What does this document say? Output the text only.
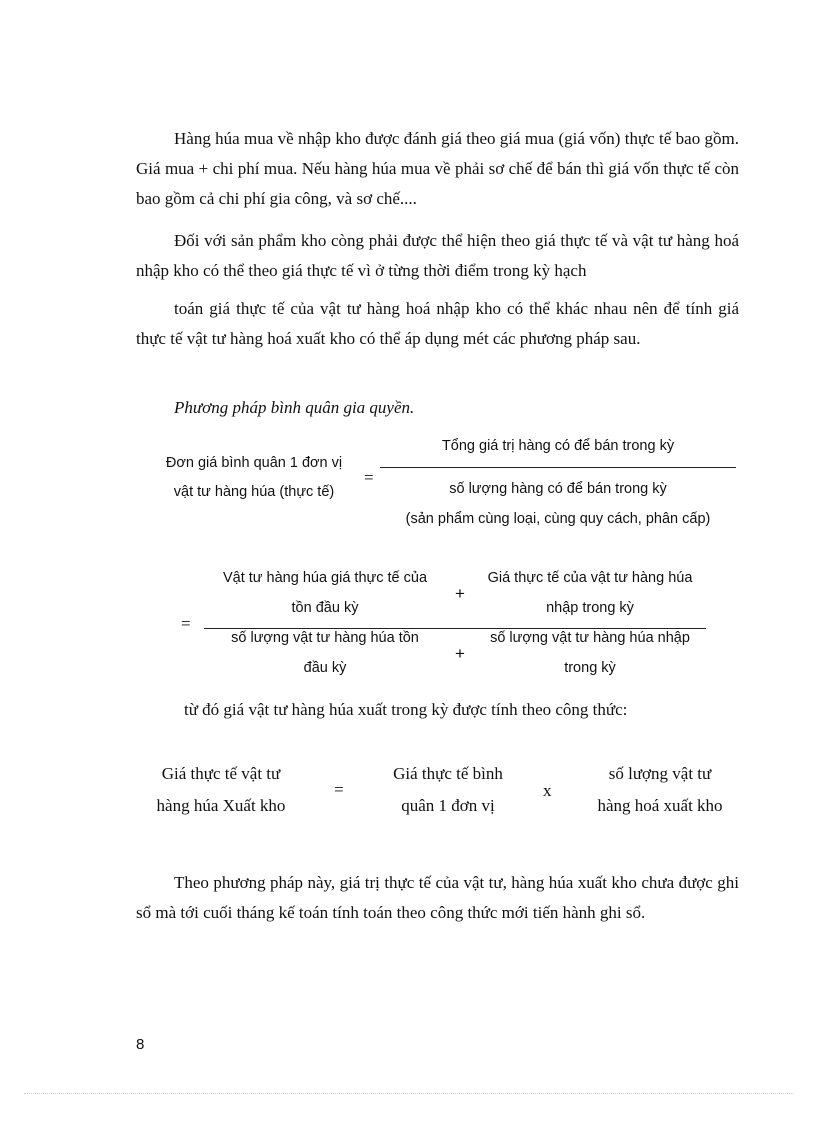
Hàng húa mua về nhập kho được đánh giá theo giá mua (giá vốn) thực tế bao gồm. Giá mua + chi phí mua. Nếu hàng húa mua về phải sơ chế để bán thì giá vốn thực tế còn bao gồm cả chi phí gia công, và sơ chế....

Đối với sản phẩm kho còng phải được thể hiện theo giá thực tế và vật tư hàng hoá nhập kho có thể theo giá thực tế vì ở từng thời điểm trong kỳ hạch

toán giá thực tế của vật tư hàng hoá nhập kho có thể khác nhau nên để tính giá thực tế vật tư hàng hoá xuất kho có thể áp dụng mét các phương pháp sau.

Phương pháp bình quân gia quyền.
Đơn giá bình quân 1 đơn vị
vật tư hàng húa (thực tế)
=
Tổng giá trị hàng có để bán trong kỳ
số lượng hàng có để bán trong kỳ
(sản phẩm cùng loại, cùng quy cách, phân cấp)
=
Vật tư hàng húa giá thực tế của
tồn đầu kỳ
+
Giá thực tế của vật tư hàng húa
nhập trong kỳ
số lượng vật tư hàng húa tồn
đầu kỳ
+
số lượng vật tư hàng húa nhập
trong kỳ
từ đó giá vật tư hàng húa xuất trong kỳ được tính theo công thức:
Giá thực tế vật tư
hàng húa Xuất kho
=
Giá thực tế bình
quân 1 đơn vị
x
số lượng vật tư
hàng hoá xuất kho

Theo phương pháp này, giá trị thực tế của vật tư, hàng húa xuất kho chưa được ghi sổ mà tới cuối tháng kế toán tính toán theo công thức mới tiến hành ghi sổ.

8
